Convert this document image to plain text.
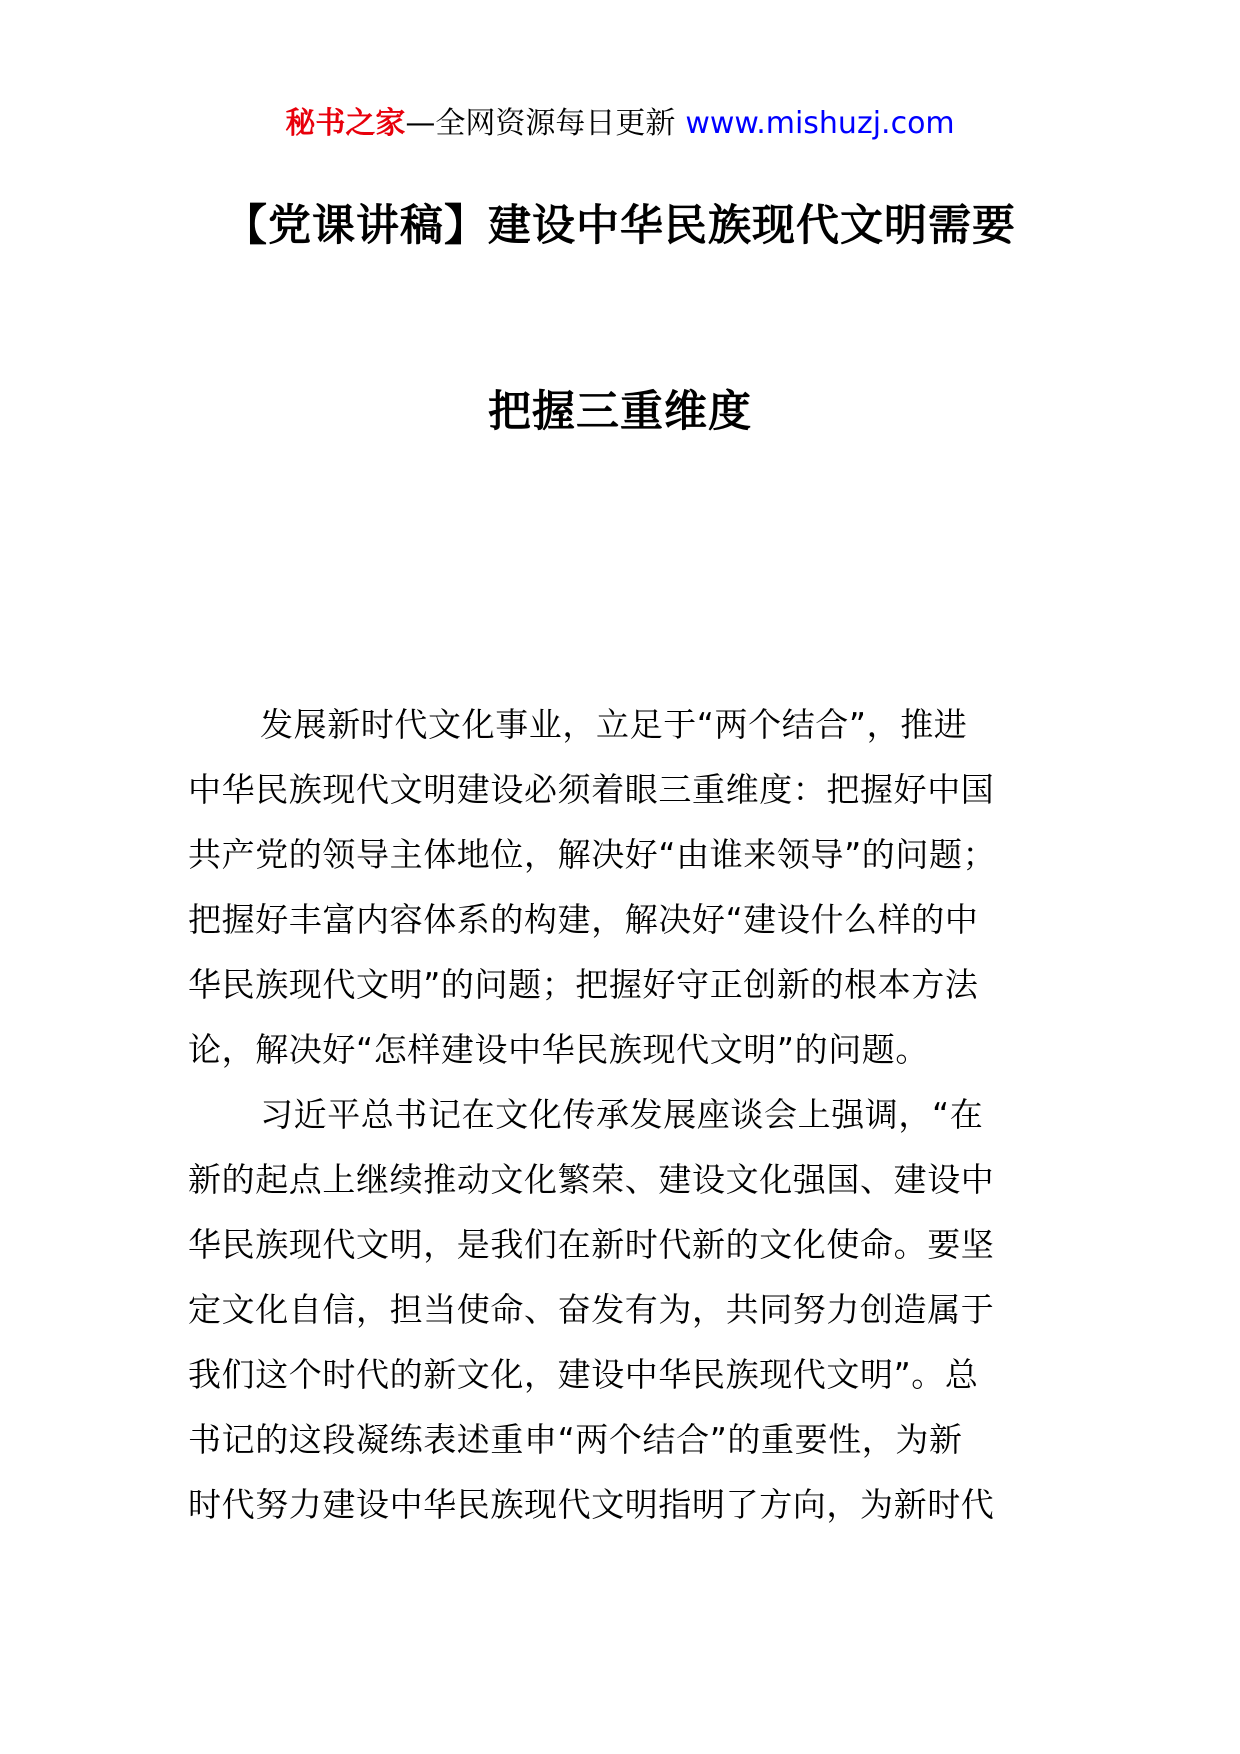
秘书之家—全网资源每日更新 www.mishuzj.com
【党课讲稿】建设中华民族现代文明需要
把握三重维度
发展新时代文化事业，立足于“两个结合”，推进
中华民族现代文明建设必须着眼三重维度：把握好中国
共产党的领导主体地位，解决好“由谁来领导”的问题；
把握好丰富内容体系的构建，解决好“建设什么样的中
华民族现代文明”的问题；把握好守正创新的根本方法
论，解决好“怎样建设中华民族现代文明”的问题。
习近平总书记在文化传承发展座谈会上强调，“在
新的起点上继续推动文化繁荣、建设文化强国、建设中
华民族现代文明，是我们在新时代新的文化使命。要坚
定文化自信，担当使命、奋发有为，共同努力创造属于
我们这个时代的新文化，建设中华民族现代文明”。总
书记的这段凝练表述重申“两个结合”的重要性，为新
时代努力建设中华民族现代文明指明了方向，为新时代
